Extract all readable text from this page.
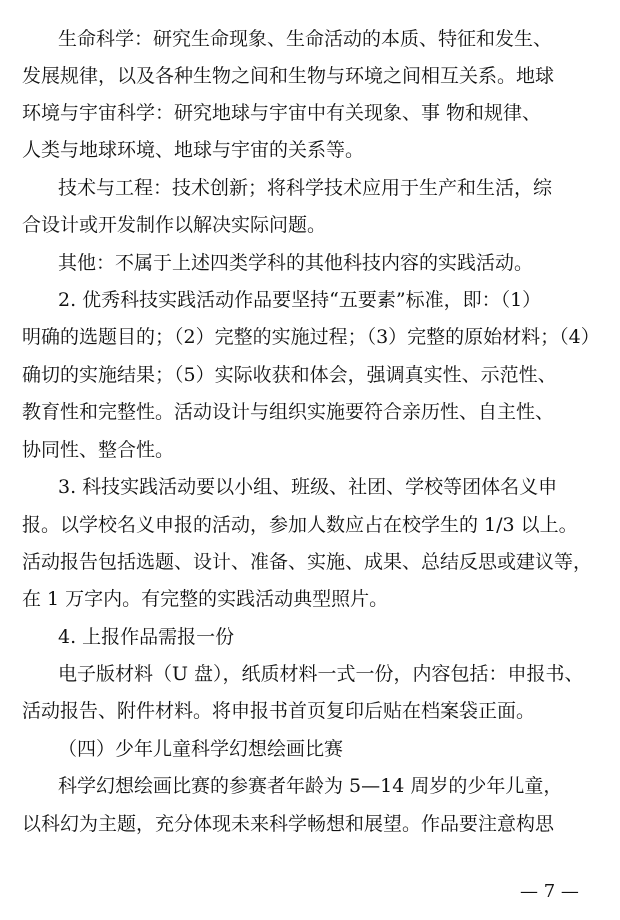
生命科学：研究生命现象、生命活动的本质、特征和发生、
发展规律，以及各种生物之间和生物与环境之间相互关系。地球
环境与宇宙科学：研究地球与宇宙中有关现象、事 物和规律、
人类与地球环境、地球与宇宙的关系等。
技术与工程：技术创新；将科学技术应用于生产和生活，综
合设计或开发制作以解决实际问题。
其他：不属于上述四类学科的其他科技内容的实践活动。
2. 优秀科技实践活动作品要坚持“五要素”标准，即：（1）
明确的选题目的；（2）完整的实施过程；（3）完整的原始材料；（4）
确切的实施结果；（5）实际收获和体会，强调真实性、示范性、
教育性和完整性。活动设计与组织实施要符合亲历性、自主性、
协同性、整合性。
3. 科技实践活动要以小组、班级、社团、学校等团体名义申
报。以学校名义申报的活动，参加人数应占在校学生的 1/3 以上。
活动报告包括选题、设计、准备、实施、成果、总结反思或建议等，
在 1 万字内。有完整的实践活动典型照片。
4. 上报作品需报一份
电子版材料（U 盘），纸质材料一式一份，内容包括：申报书、
活动报告、附件材料。将申报书首页复印后贴在档案袋正面。
（四）少年儿童科学幻想绘画比赛
科学幻想绘画比赛的参赛者年龄为 5—14 周岁的少年儿童，
以科幻为主题，充分体现未来科学畅想和展望。作品要注意构思
— 7 —
